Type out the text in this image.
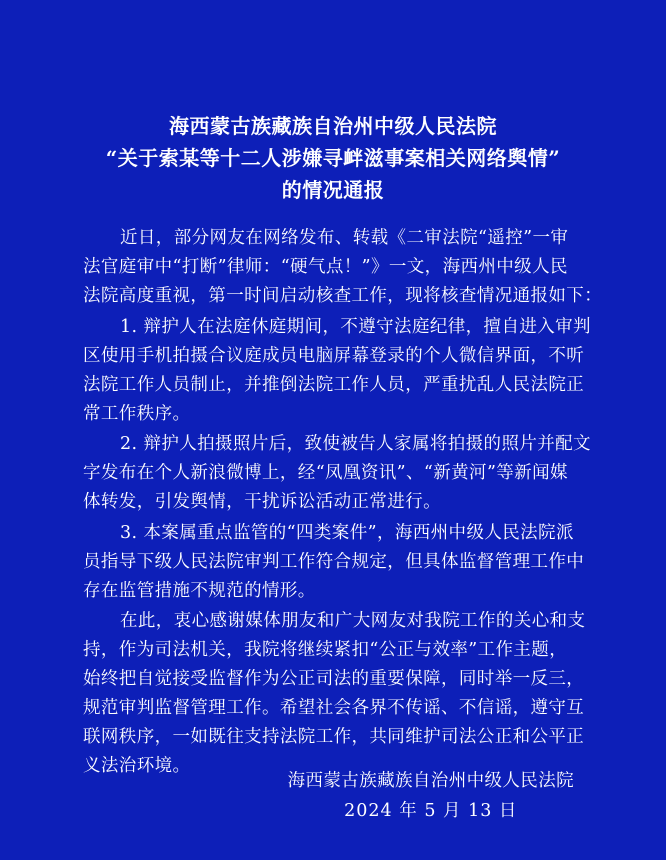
海西蒙古族藏族自治州中级人民法院
“关于索某等十二人涉嫌寻衅滋事案相关网络舆情”
的情况通报
近日，部分网友在网络发布、转载《二审法院“遥控”一审
法官庭审中“打断”律师：“硬气点！”》一文，海西州中级人民
法院高度重视，第一时间启动核查工作，现将核查情况通报如下：
1. 辩护人在法庭休庭期间，不遵守法庭纪律，擅自进入审判
区使用手机拍摄合议庭成员电脑屏幕登录的个人微信界面，不听
法院工作人员制止，并推倒法院工作人员，严重扰乱人民法院正
常工作秩序。
2. 辩护人拍摄照片后，致使被告人家属将拍摄的照片并配文
字发布在个人新浪微博上，经“凤凰资讯”、“新黄河”等新闻媒
体转发，引发舆情，干扰诉讼活动正常进行。
3. 本案属重点监管的“四类案件”，海西州中级人民法院派
员指导下级人民法院审判工作符合规定，但具体监督管理工作中
存在监管措施不规范的情形。
在此，衷心感谢媒体朋友和广大网友对我院工作的关心和支
持，作为司法机关，我院将继续紧扣“公正与效率”工作主题，
始终把自觉接受监督作为公正司法的重要保障，同时举一反三，
规范审判监督管理工作。希望社会各界不传谣、不信谣，遵守互
联网秩序，一如既往支持法院工作，共同维护司法公正和公平正
义法治环境。
海西蒙古族藏族自治州中级人民法院
2024 年 5 月 13 日
